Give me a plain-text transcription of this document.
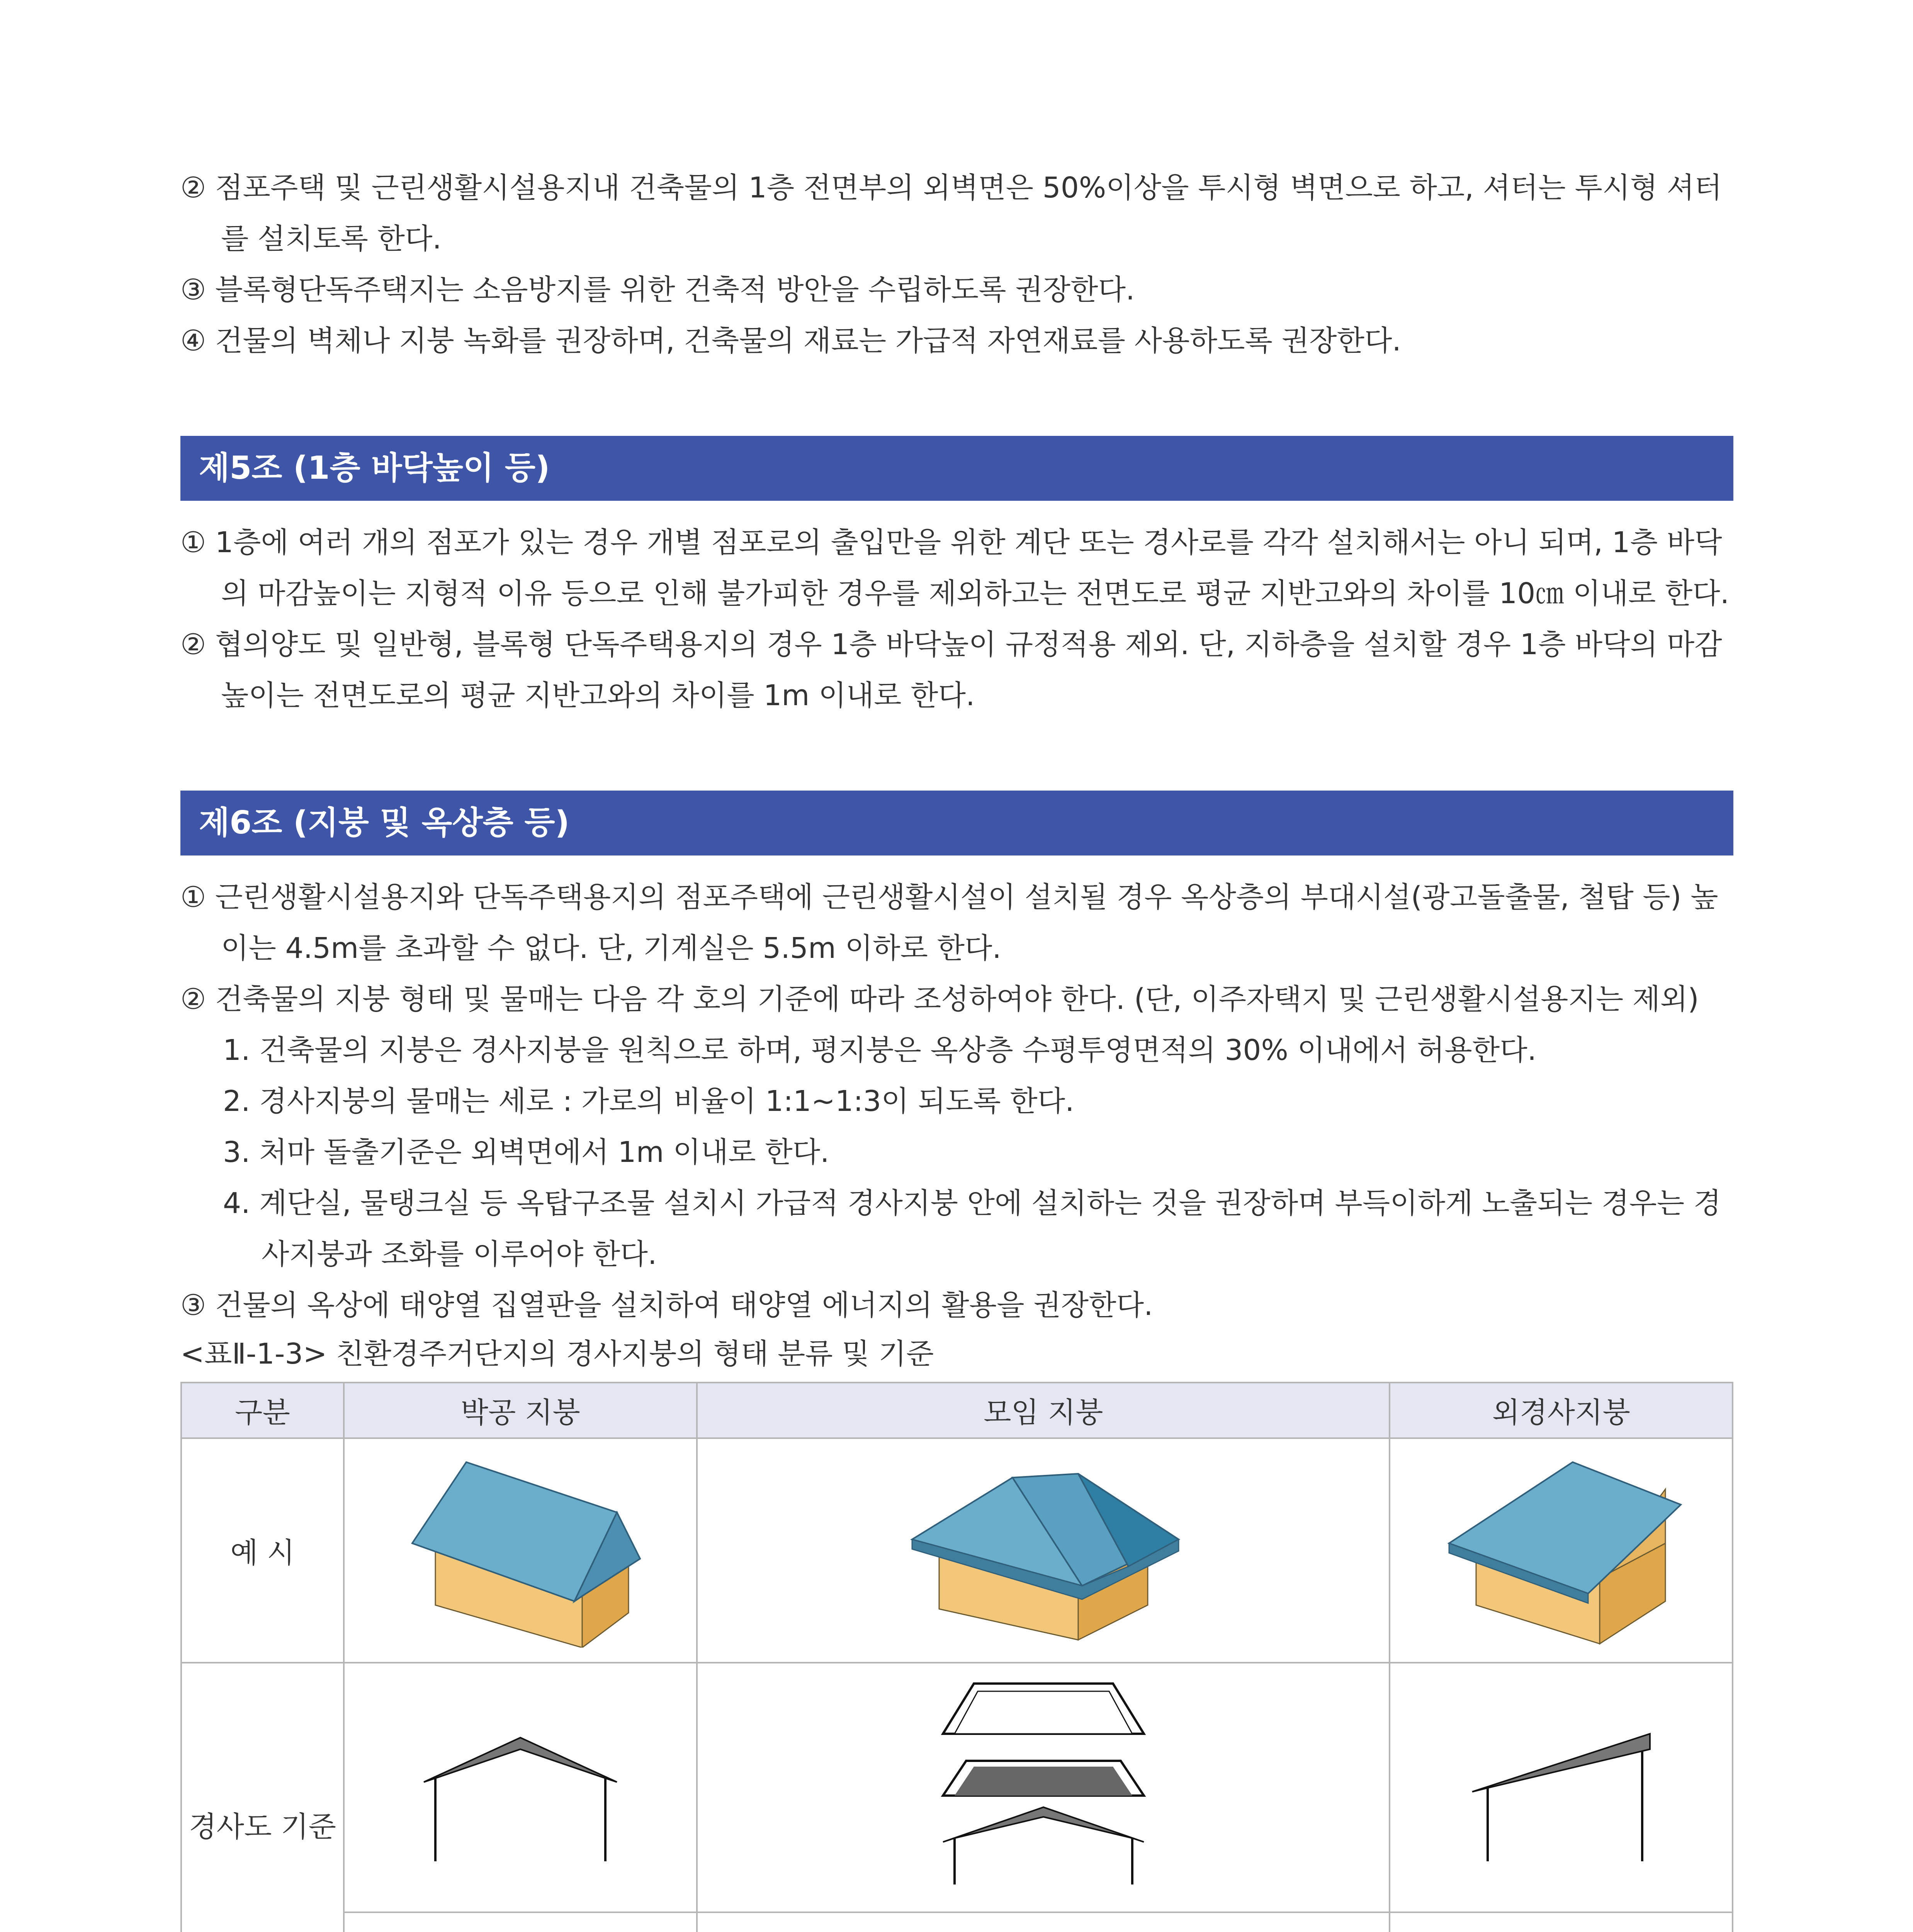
② 점포주택 및 근린생활시설용지내 건축물의 1층 전면부의 외벽면은 50%이상을 투시형 벽면으로 하고, 셔터는 투시형 셔터를 설치토록 한다.

③ 블록형단독주택지는 소음방지를 위한 건축적 방안을 수립하도록 권장한다.

④ 건물의 벽체나 지붕 녹화를 권장하며, 건축물의 재료는 가급적 자연재료를 사용하도록 권장한다.

제5조 (1층 바닥높이 등)

① 1층에 여러 개의 점포가 있는 경우 개별 점포로의 출입만을 위한 계단 또는 경사로를 각각 설치해서는 아니 되며, 1층 바닥의 마감높이는 지형적 이유 등으로 인해 불가피한 경우를 제외하고는 전면도로 평균 지반고와의 차이를 10㎝ 이내로 한다.

② 협의양도 및 일반형, 블록형 단독주택용지의 경우 1층 바닥높이 규정적용 제외. 단, 지하층을 설치할 경우 1층 바닥의 마감높이는 전면도로의 평균 지반고와의 차이를 1m 이내로 한다.

제6조 (지붕 및 옥상층 등)

① 근린생활시설용지와 단독주택용지의 점포주택에 근린생활시설이 설치될 경우 옥상층의 부대시설(광고돌출물, 철탑 등) 높이는 4.5m를 초과할 수 없다. 단, 기계실은 5.5m 이하로 한다.

② 건축물의 지붕 형태 및 물매는 다음 각 호의 기준에 따라 조성하여야 한다. (단, 이주자택지 및 근린생활시설용지는 제외)

1. 건축물의 지붕은 경사지붕을 원칙으로 하며, 평지붕은 옥상층 수평투영면적의 30% 이내에서 허용한다.

2. 경사지붕의 물매는 세로 : 가로의 비율이 1:1~1:3이 되도록 한다.

3. 처마 돌출기준은 외벽면에서 1m 이내로 한다.

4. 계단실, 물탱크실 등 옥탑구조물 설치시 가급적 경사지붕 안에 설치하는 것을 권장하며 부득이하게 노출되는 경우는 경사지붕과 조화를 이루어야 한다.

③ 건물의 옥상에 태양열 집열판을 설치하여 태양열 에너지의 활용을 권장한다.

<표Ⅱ-1-3> 친환경주거단지의 경사지붕의 형태 분류 및 기준

구분	박공 지붕	모임 지붕	외경사지붕
예 시			
경사도 기준			
